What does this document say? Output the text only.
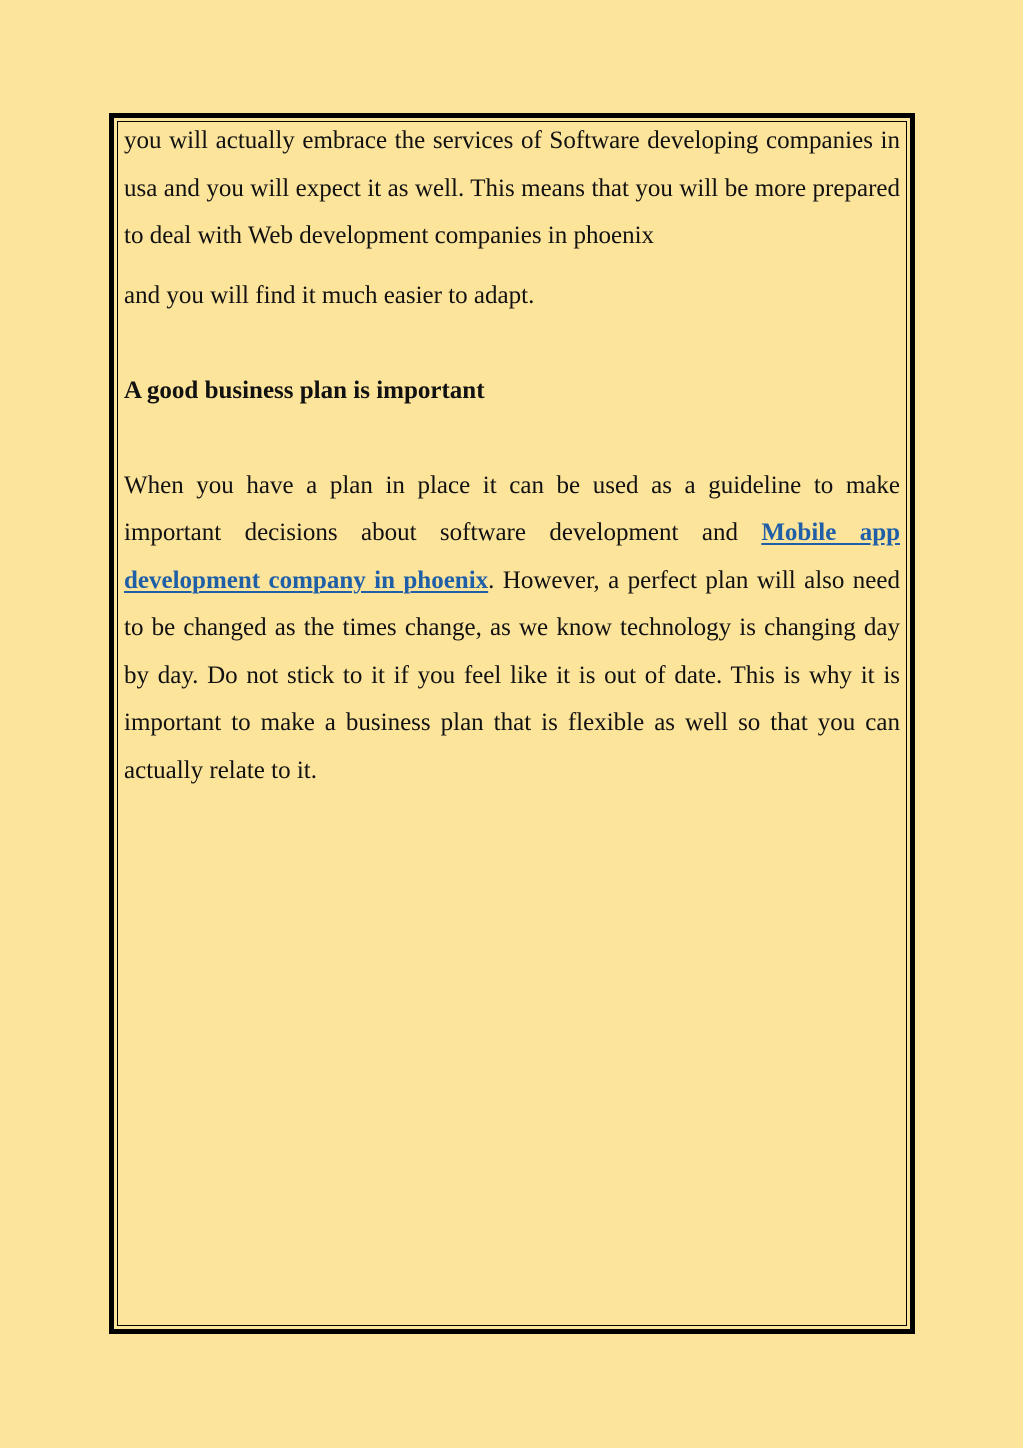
you will actually embrace the services of Software developing companies in usa and you will expect it as well. This means that you will be more prepared to deal with Web development companies in phoenix

and you will find it much easier to adapt.

A good business plan is important

When you have a plan in place it can be used as a guideline to make important decisions about software development and Mobile app development company in phoenix. However, a perfect plan will also need to be changed as the times change, as we know technology is changing day by day. Do not stick to it if you feel like it is out of date. This is why it is important to make a business plan that is flexible as well so that you can actually relate to it.
